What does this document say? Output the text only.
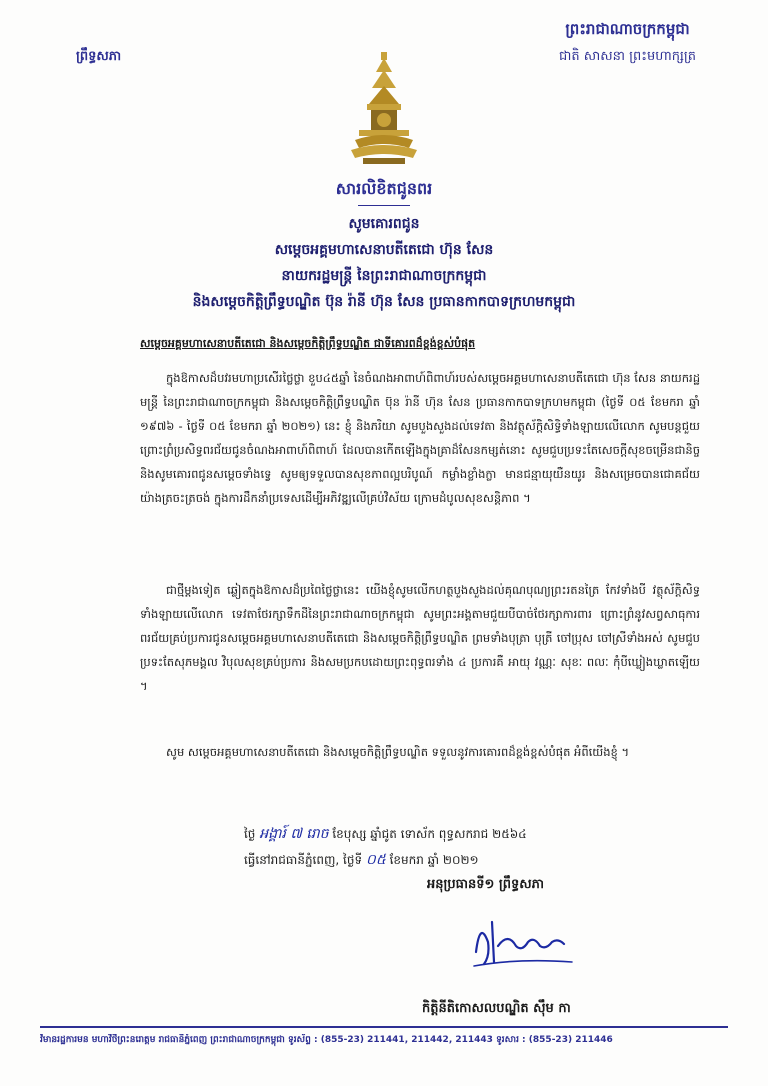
ព្រឹទ្ធសភា
ព្រះរាជាណាចក្រកម្ពុជា
ជាតិ សាសនា ព្រះមហាក្សត្រ
សារលិខិតជូនពរ
សូមគោរពជូន
សម្តេចអគ្គមហាសេនាបតីតេជោ ហ៊ុន សែន
នាយករដ្ឋមន្ត្រី នៃព្រះរាជាណាចក្រកម្ពុជា
និងសម្តេចកិត្តិព្រឹទ្ធបណ្ឌិត ប៊ុន រ៉ានី ហ៊ុន សែន ប្រធានកាកបាទក្រហមកម្ពុជា
សម្តេចអគ្គមហាសេនាបតីតេជោ និងសម្តេចកិត្តិព្រឹទ្ធបណ្ឌិត ជាទីគោរពដ៏ខ្ពង់ខ្ពស់បំផុត
ក្នុងឱកាសដ៏បវរមហាប្រសើរថ្លៃថ្លា ខួប៤៥ឆ្នាំ នៃចំណងអាពាហ៍ពិពាហ៍របស់សម្តេចអគ្គមហាសេនាបតីតេជោ ហ៊ុន សែន នាយករដ្ឋមន្ត្រី នៃព្រះរាជាណាចក្រកម្ពុជា និងសម្តេចកិត្តិព្រឹទ្ធបណ្ឌិត ប៊ុន រ៉ានី ហ៊ុន សែន ប្រធានកាកបាទក្រហមកម្ពុជា (ថ្ងៃទី ០៥ ខែមករា ឆ្នាំ ១៩៧៦ - ថ្ងៃទី ០៥ ខែមករា ឆ្នាំ ២០២១) នេះ ខ្ញុំ និងភរិយា សូមបួងសួងដល់ទេវតា និងវត្ថុស័ក្តិសិទ្ធិទាំងឡាយលើលោក សូមបន្តជួយព្រោះព្រំប្រសិទ្ធពរជ័យជូនចំណងអាពាហ៍ពិពាហ៍ ដែលបានកើតឡើងក្នុងគ្រាដ៏សែនកម្សត់នោះ សូមជួបប្រទះតែសេចក្តីសុខចម្រើនជានិច្ច និងសូមគោរពជូនសម្តេចទាំងទ្វេ សូមឲ្យទទួលបានសុខភាពល្អបរិបូណ៍ កម្លាំងខ្លាំងក្លា មានជន្មាយុយឺនយូរ និងសម្រេចបានជោគជ័យយ៉ាងត្រចះត្រចង់ ក្នុងការដឹកនាំប្រទេសដើម្បីអភិវឌ្ឍលើគ្រប់វិស័យ ក្រោមដំបូលសុខសន្តិភាព ។
ជាថ្មីម្តងទៀត ឆ្លៀតក្នុងឱកាសដ៏ប្រពៃថ្លៃថ្លានេះ យើងខ្ញុំសូមលើកហត្ថបួងសួងដល់គុណបុណ្យព្រះរតនត្រៃ កែវទាំងបី វត្ថុស័ក្តិសិទ្ធទាំងឡាយលើលោក ទេវតាថែរក្សាទឹកដីនៃព្រះរាជាណាចក្រកម្ពុជា សូមព្រះអង្គតាមជួយបីបាច់ថែរក្សាការពារ ព្រោះព្រំនូវសព្វសាធុការពរជ័យគ្រប់ប្រការជូនសម្តេចអគ្គមហាសេនាបតីតេជោ និងសម្តេចកិត្តិព្រឹទ្ធបណ្ឌិត ព្រមទាំងបុត្រា បុត្រី ចៅប្រុស ចៅស្រីទាំងអស់ សូមជួបប្រទះតែសុភមង្គល វិបុលសុខគ្រប់ប្រការ និងសមប្រកបដោយព្រះពុទ្ធពរទាំង ៤ ប្រការគឺ អាយុ វណ្ណៈ សុខៈ ពលៈ កុំបីឃ្លៀងឃ្លាតឡើយ ។
សូម សម្តេចអគ្គមហាសេនាបតីតេជោ និងសម្តេចកិត្តិព្រឹទ្ធបណ្ឌិត ទទួលនូវការគោរពដ៏ខ្ពង់ខ្ពស់បំផុត អំពីយើងខ្ញុំ ។
ថ្ងៃ អង្គារ៍ ៧ រោច ខែបុស្ស ឆ្នាំជូត ទោស័ក ពុទ្ធសករាជ ២៥៦៤
ធ្វើនៅរាជធានីភ្នំពេញ, ថ្ងៃទី ០៥ ខែមករា ឆ្នាំ ២០២១
អនុប្រធានទី១ ព្រឹទ្ធសភា
កិត្តិនីតិកោសលបណ្ឌិត ស៊ឹម កា
វិមានរដ្ឋការមន មហាវិថីព្រះនរោត្តម រាជធានីភ្នំពេញ ព្រះរាជាណាចក្រកម្ពុជា ទូរស័ព្ទ : (855-23) 211441, 211442, 211443 ទូរសារ : (855-23) 211446
